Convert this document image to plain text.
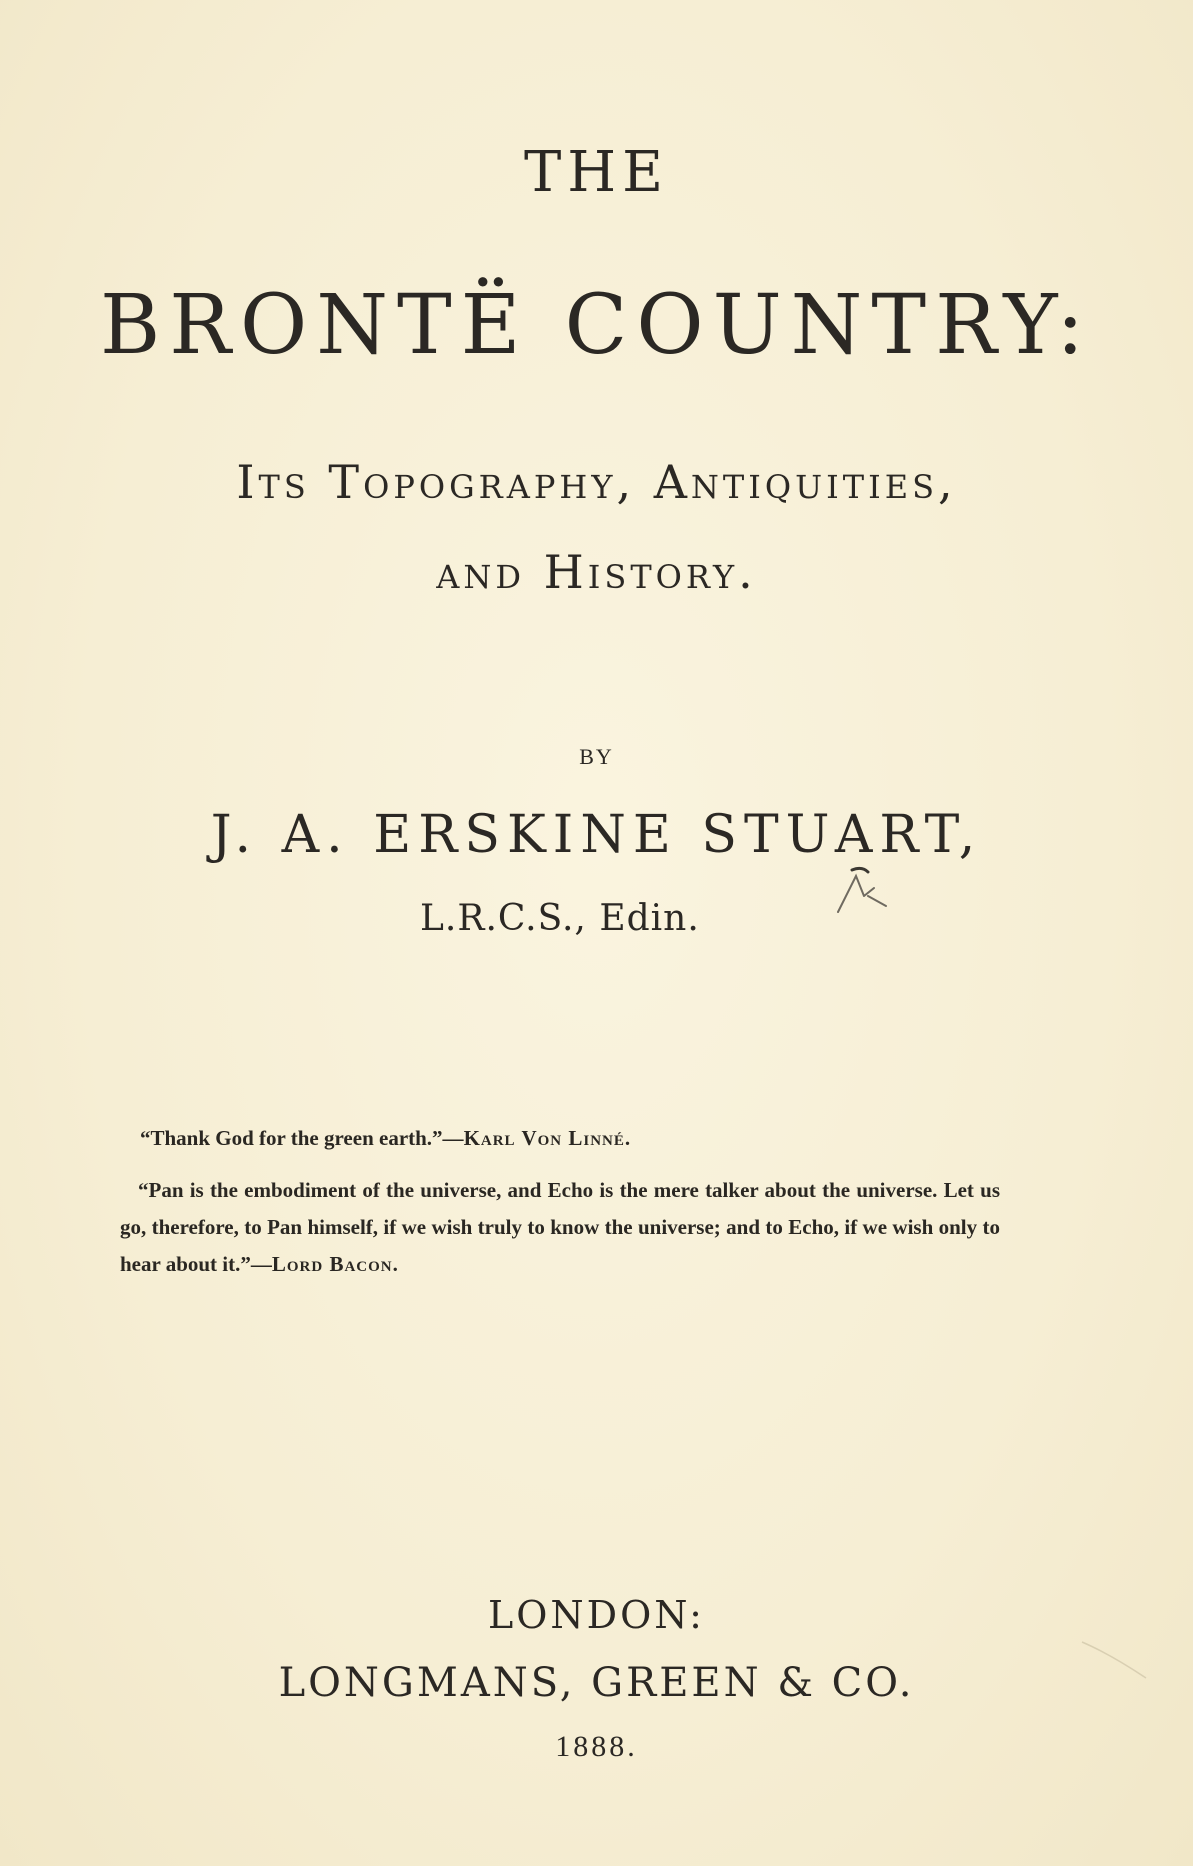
THE
BRONTË COUNTRY:
Its Topography, Antiquities,
and History.
BY
J. A. ERSKINE STUART,
L.R.C.S., Edin.
“Thank God for the green earth.”—Karl Von Linné.
“Pan is the embodiment of the universe, and Echo is the mere talker about the universe. Let us go, therefore, to Pan himself, if we wish truly to know the universe; and to Echo, if we wish only to hear about it.”—Lord Bacon.
LONDON:
LONGMANS, GREEN & CO.
1888.
